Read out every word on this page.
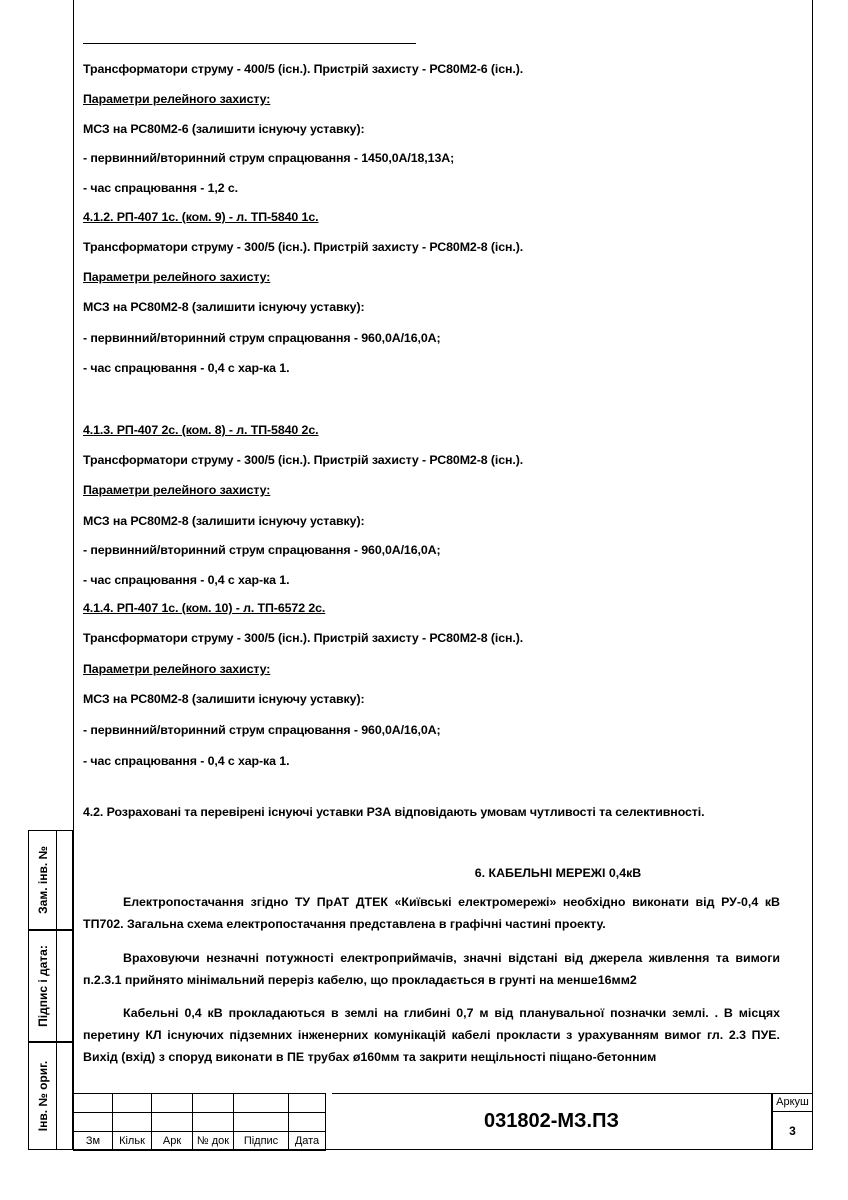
Трансформатори струму - 400/5 (існ.). Пристрій захисту - РС80М2-6 (існ.).
Параметри релейного захисту:
МСЗ на РС80М2-6 (залишити існуючу уставку):
- первинний/вторинний струм спрацювання - 1450,0А/18,13А;
- час спрацювання - 1,2 с.
4.1.2. РП-407 1с. (ком. 9) - л. ТП-5840 1с.
Трансформатори струму - 300/5 (існ.). Пристрій захисту - РС80М2-8 (існ.).
Параметри релейного захисту:
МСЗ на РС80М2-8 (залишити існуючу уставку):
- первинний/вторинний струм спрацювання - 960,0А/16,0А;
- час спрацювання - 0,4 с хар-ка 1.
4.1.3. РП-407 2с. (ком. 8) - л. ТП-5840 2с.
Трансформатори струму - 300/5 (існ.). Пристрій захисту - РС80М2-8 (існ.).
Параметри релейного захисту:
МСЗ на РС80М2-8 (залишити існуючу уставку):
- первинний/вторинний струм спрацювання - 960,0А/16,0А;
- час спрацювання - 0,4 с хар-ка 1.
4.1.4. РП-407 1с. (ком. 10) - л. ТП-6572 2с.
Трансформатори струму - 300/5 (існ.). Пристрій захисту - РС80М2-8 (існ.).
Параметри релейного захисту:
МСЗ на РС80М2-8 (залишити існуючу уставку):
- первинний/вторинний струм спрацювання - 960,0А/16,0А;
- час спрацювання - 0,4 с хар-ка 1.
4.2. Розраховані та перевірені існуючі уставки РЗА відповідають умовам чутливості та селективності.
6. КАБЕЛЬНІ МЕРЕЖІ 0,4кВ
Електропостачання згідно ТУ ПрАТ ДТЕК «Київські електромережі» необхідно виконати від РУ-0,4 кВ ТП702. Загальна схема електропостачання представлена в графічні частині проекту.
Враховуючи незначні потужності електроприймачів, значні відстані від джерела живлення та вимоги п.2.3.1 прийнято мінімальний переріз кабелю, що прокладається в грунті на менше16мм2
Кабельні 0,4 кВ прокладаються в землі на глибині 0,7 м від планувальної позначки землі. . В місцях перетину КЛ існуючих підземних інженерних комунікацій кабелі прокласти з урахуванням вимог гл. 2.3 ПУЕ. Вихід (вхід) з споруд виконати в ПЕ трубах ø160мм та закрити нещільності піщано-бетонним
Зам. інв. №
Підпис і дата:
Інв. № ориг.

Зм	Кільк	Арк	№ док	Підпис	Дата
031802-МЗ.ПЗ
Аркуш
3
